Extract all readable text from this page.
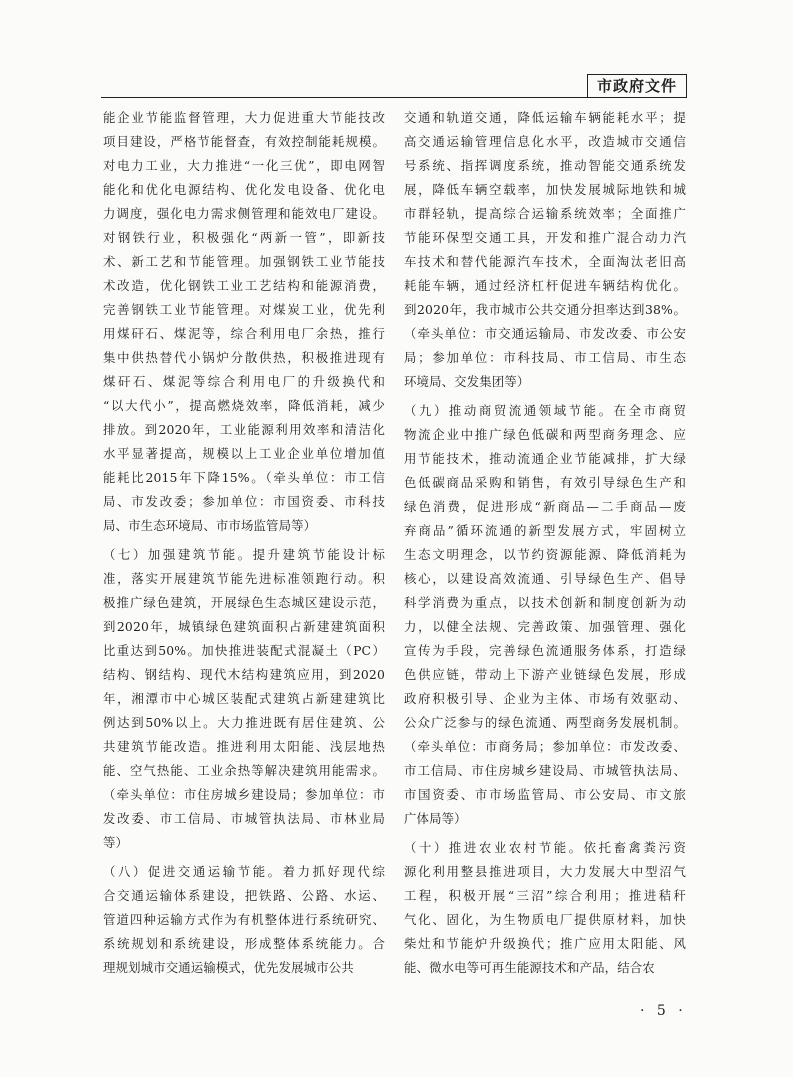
市政府文件
能企业节能监督管理，大力促进重大节能技改
项目建设，严格节能督查，有效控制能耗规模。
对电力工业，大力推进“一化三优”，即电网智
能化和优化电源结构、优化发电设备、优化电
力调度，强化电力需求侧管理和能效电厂建设。
对钢铁行业，积极强化“两新一管”，即新技
术、新工艺和节能管理。加强钢铁工业节能技
术改造，优化钢铁工业工艺结构和能源消费，
完善钢铁工业节能管理。对煤炭工业，优先利
用煤矸石、煤泥等，综合利用电厂余热，推行
集中供热替代小锅炉分散供热，积极推进现有
煤矸石、煤泥等综合利用电厂的升级换代和
“以大代小”，提高燃烧效率，降低消耗，减少
排放。到2020年，工业能源利用效率和清洁化
水平显著提高，规模以上工业企业单位增加值
能耗比2015年下降15%。（牵头单位：市工信
局、市发改委；参加单位：市国资委、市科技
局、市生态环境局、市市场监管局等）
（七）加强建筑节能。提升建筑节能设计标
准，落实开展建筑节能先进标准领跑行动。积
极推广绿色建筑，开展绿色生态城区建设示范，
到2020年，城镇绿色建筑面积占新建建筑面积
比重达到50%。加快推进装配式混凝土（PC）
结构、钢结构、现代木结构建筑应用，到2020
年，湘潭市中心城区装配式建筑占新建建筑比
例达到50%以上。大力推进既有居住建筑、公
共建筑节能改造。推进利用太阳能、浅层地热
能、空气热能、工业余热等解决建筑用能需求。
（牵头单位：市住房城乡建设局；参加单位：市
发改委、市工信局、市城管执法局、市林业局
等）
（八）促进交通运输节能。着力抓好现代综
合交通运输体系建设，把铁路、公路、水运、
管道四种运输方式作为有机整体进行系统研究、
系统规划和系统建设，形成整体系统能力。合
理规划城市交通运输模式，优先发展城市公共
交通和轨道交通，降低运输车辆能耗水平；提
高交通运输管理信息化水平，改造城市交通信
号系统、指挥调度系统，推动智能交通系统发
展，降低车辆空载率，加快发展城际地铁和城
市群轻轨，提高综合运输系统效率；全面推广
节能环保型交通工具，开发和推广混合动力汽
车技术和替代能源汽车技术，全面淘汰老旧高
耗能车辆，通过经济杠杆促进车辆结构优化。
到2020年，我市城市公共交通分担率达到38%。
（牵头单位：市交通运输局、市发改委、市公安
局；参加单位：市科技局、市工信局、市生态
环境局、交发集团等）
（九）推动商贸流通领域节能。在全市商贸
物流企业中推广绿色低碳和两型商务理念、应
用节能技术，推动流通企业节能减排，扩大绿
色低碳商品采购和销售，有效引导绿色生产和
绿色消费，促进形成“新商品—二手商品—废
弃商品”循环流通的新型发展方式，牢固树立
生态文明理念，以节约资源能源、降低消耗为
核心，以建设高效流通、引导绿色生产、倡导
科学消费为重点，以技术创新和制度创新为动
力，以健全法规、完善政策、加强管理、强化
宣传为手段，完善绿色流通服务体系，打造绿
色供应链，带动上下游产业链绿色发展，形成
政府积极引导、企业为主体、市场有效驱动、
公众广泛参与的绿色流通、两型商务发展机制。
（牵头单位：市商务局；参加单位：市发改委、
市工信局、市住房城乡建设局、市城管执法局、
市国资委、市市场监管局、市公安局、市文旅
广体局等）
（十）推进农业农村节能。依托畜禽粪污资
源化利用整县推进项目，大力发展大中型沼气
工程，积极开展“三沼”综合利用；推进秸秆
气化、固化，为生物质电厂提供原材料，加快
柴灶和节能炉升级换代；推广应用太阳能、风
能、微水电等可再生能源技术和产品，结合农
· 5 ·
